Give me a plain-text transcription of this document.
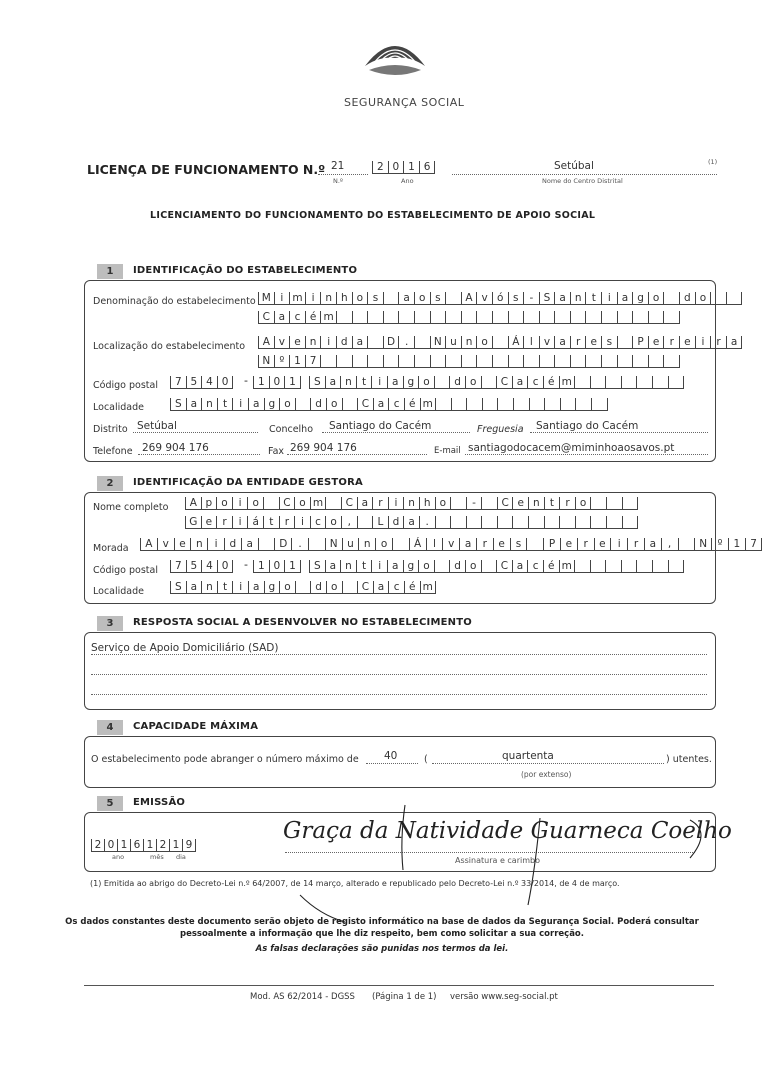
SEGURANÇA SOCIAL
LICENÇA DE FUNCIONAMENTO N.º 21	2 0 1 6	Setúbal	(1)
N.º	Ano	Nome do Centro Distrital
LICENCIAMENTO DO FUNCIONAMENTO DO ESTABELECIMENTO DE APOIO SOCIAL
1	IDENTIFICAÇÃO DO ESTABELECIMENTO
Denominação do estabelecimento M i m i	n h o s	a o s	A v ó s	- S a n t	i	a g o	d o
C a c é m
Localização do estabelecimento	A v e n	i	d a	D .	N u n o	Á	l	v a r e s	P e r e	i	r a
N º 1 7
Código postal	7 5 4 0	- 1 0 1	S a n t	i	a g o	d o	C a c é m
Localidade	S a n t	i	a g o	d o	C a c é m
Distrito Setúbal	Concelho Santiago do Cacém	Freguesia Santiago do Cacém
Telefone 269 904 176	Fax 269 904 176	E-mail santiagodocacem@miminhoaosavos.pt
2	IDENTIFICAÇÃO DA ENTIDADE GESTORA
Nome completo	A p o	i	o	C o m	C a r	i	n h o	-	C e n t	r o
G e r	i	á t	r	i	c o	,	L d a	.
Morada	A v e n	i	d a	D	.	N u n o	Á	l	v a	r	e	s	P e	r	e	i	r	a	,	N º	1 7
Código postal	7 5 4 0	- 1 0 1	S a n t	i	a g o	d o	C a c é m
Localidade	S a n t	i	a g o	d o	C a c é m
3	RESPOSTA SOCIAL A DESENVOLVER NO ESTABELECIMENTO
Serviço de Apoio Domiciliário (SAD)
4	CAPACIDADE MÁXIMA
O estabelecimento pode abranger o número máximo de 40	(	quartenta	) utentes.
(por extenso)
5	EMISSÃO
2 0 1 6 1 2 1 9
ano	mês dia	Assinatura e carimbo
Graça da Natividade Guarneca Coelho
(1) Emitida ao abrigo do Decreto-Lei n.º 64/2007, de 14 março, alterado e republicado pelo Decreto-Lei n.º 33/2014, de 4 de março.
Os dados constantes deste documento serão objeto de registo informático na base de dados da Segurança Social. Poderá consultar
pessoalmente a informação que lhe diz respeito, bem como solicitar a sua correção.
As falsas declarações são punidas nos termos da lei.
Mod. AS 62/2014 - DGSS (Página 1 de 1) versão www.seg-social.pt
